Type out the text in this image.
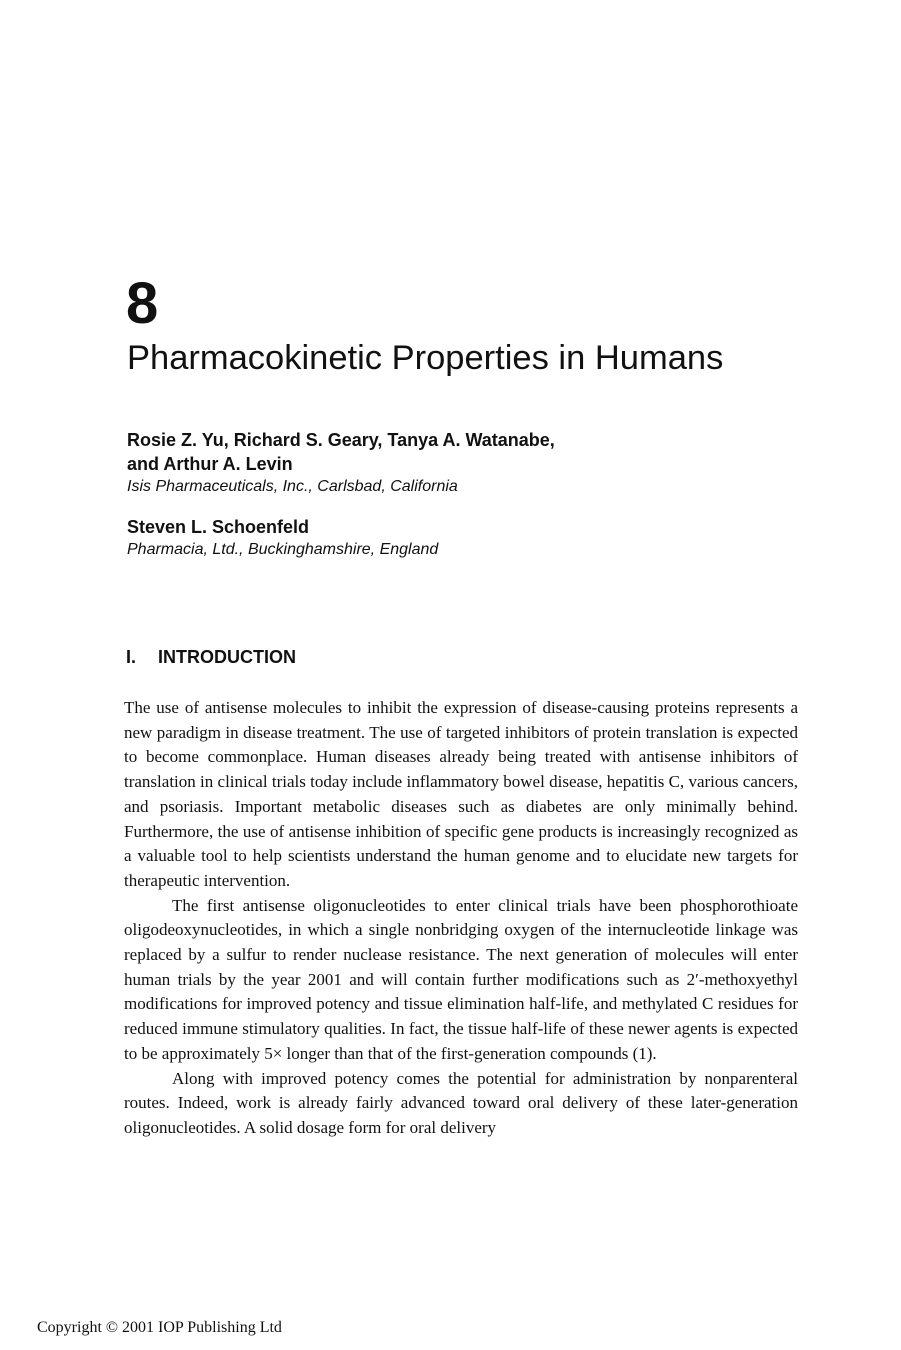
8
Pharmacokinetic Properties in Humans
Rosie Z. Yu, Richard S. Geary, Tanya A. Watanabe,
and Arthur A. Levin
Isis Pharmaceuticals, Inc., Carlsbad, California
Steven L. Schoenfeld
Pharmacia, Ltd., Buckinghamshire, England
I. INTRODUCTION

The use of antisense molecules to inhibit the expression of disease-causing proteins represents a new paradigm in disease treatment. The use of targeted inhibitors of protein translation is expected to become commonplace. Human diseases already being treated with antisense inhibitors of translation in clinical trials today include inflammatory bowel disease, hepatitis C, various cancers, and psoriasis. Important metabolic diseases such as diabetes are only minimally behind. Furthermore, the use of antisense inhibition of specific gene products is increasingly recognized as a valuable tool to help scientists understand the human genome and to elucidate new targets for therapeutic intervention.

The first antisense oligonucleotides to enter clinical trials have been phosphorothioate oligodeoxynucleotides, in which a single nonbridging oxygen of the internucleotide linkage was replaced by a sulfur to render nuclease resistance. The next generation of molecules will enter human trials by the year 2001 and will contain further modifications such as 2′-methoxyethyl modifications for improved potency and tissue elimination half-life, and methylated C residues for reduced immune stimulatory qualities. In fact, the tissue half-life of these newer agents is expected to be approximately 5× longer than that of the first-generation compounds (1).

Along with improved potency comes the potential for administration by nonparenteral routes. Indeed, work is already fairly advanced toward oral delivery of these later-generation oligonucleotides. A solid dosage form for oral delivery

Copyright © 2001 IOP Publishing Ltd
